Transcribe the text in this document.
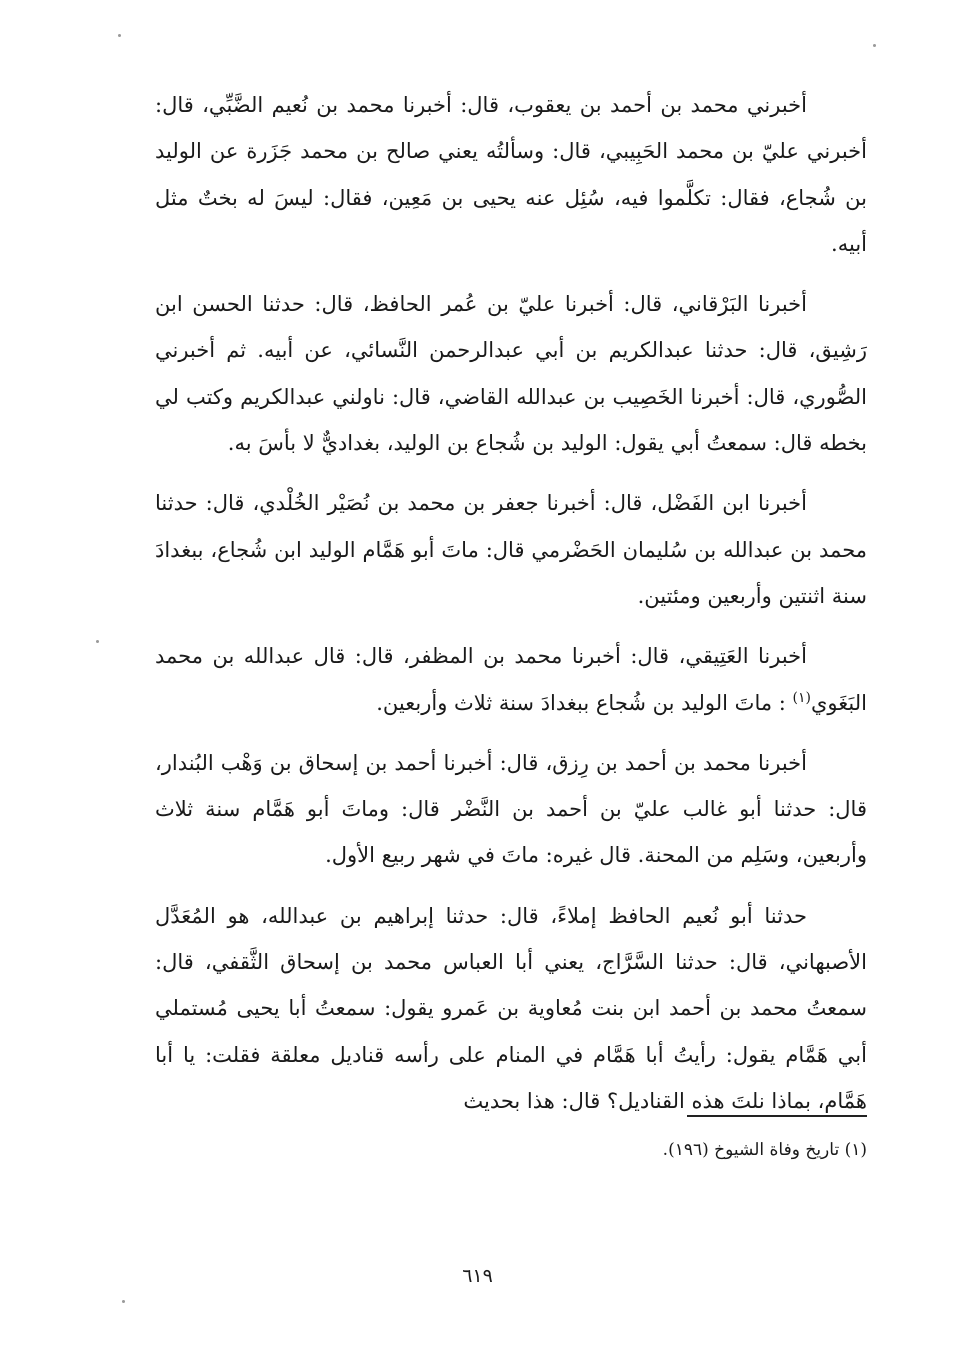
أخبرني محمد بن أحمد بن يعقوب، قال: أخبرنا محمد بن نُعيم الضَّبِّي، قال: أخبرني عليّ بن محمد الحَبِيبي، قال: وسألتُه يعني صالح بن محمد جَزَرة عن الوليد بن شُجاع، فقال: تكلَّموا فيه، سُئِل عنه يحيى بن مَعِين، فقال: ليسَ له بختٌ مثل أبيه.

أخبرنا البَرْقاني، قال: أخبرنا عليّ بن عُمر الحافظ، قال: حدثنا الحسن ابن رَشِيق، قال: حدثنا عبدالكريم بن أبي عبدالرحمن النَّسائي، عن أبيه. ثم أخبرني الصُّوري، قال: أخبرنا الخَصِيب بن عبدالله القاضي، قال: ناولني عبدالكريم وكتب لي بخطه قال: سمعتُ أبي يقول: الوليد بن شُجاع بن الوليد، بغداديٌّ لا بأسَ به.

أخبرنا ابن الفَضْل، قال: أخبرنا جعفر بن محمد بن نُصَيْر الخُلْدي، قال: حدثنا محمد بن عبدالله بن سُليمان الحَضْرمي قال: ماتَ أبو هَمَّام الوليد ابن شُجاع، ببغدادَ سنة اثنتين وأربعين ومئتين.

أخبرنا العَتِيقي، قال: أخبرنا محمد بن المظفر، قال: قال عبدالله بن محمد البَغَوي$^{(١)}$ : ماتَ الوليد بن شُجاع ببغدادَ سنة ثلاث وأربعين.

أخبرنا محمد بن أحمد بن رِزق، قال: أخبرنا أحمد بن إسحاق بن وَهْب البُندار، قال: حدثنا أبو غالب عليّ بن أحمد بن النَّضْر قال: وماتَ أبو هَمَّام سنة ثلاث وأربعين، وسَلِم من المحنة. قال غيره: ماتَ في شهر ربيع الأول.

حدثنا أبو نُعيم الحافظ إملاءً، قال: حدثنا إبراهيم بن عبدالله، هو المُعَدَّل الأصبهاني، قال: حدثنا السَّرَّاج، يعني أبا العباس محمد بن إسحاق الثَّقفي، قال: سمعتُ محمد بن أحمد ابن بنت مُعاوية بن عَمرو يقول: سمعتُ أبا يحيى مُستملي أبي هَمَّام يقول: رأيتُ أبا هَمَّام في المنام على رأسه قناديل معلقة فقلت: يا أبا هَمَّام، بماذا نلتَ هذه القناديل؟ قال: هذا بحديث

(١) تاريخ وفاة الشيوخ (١٩٦).
٦١٩
